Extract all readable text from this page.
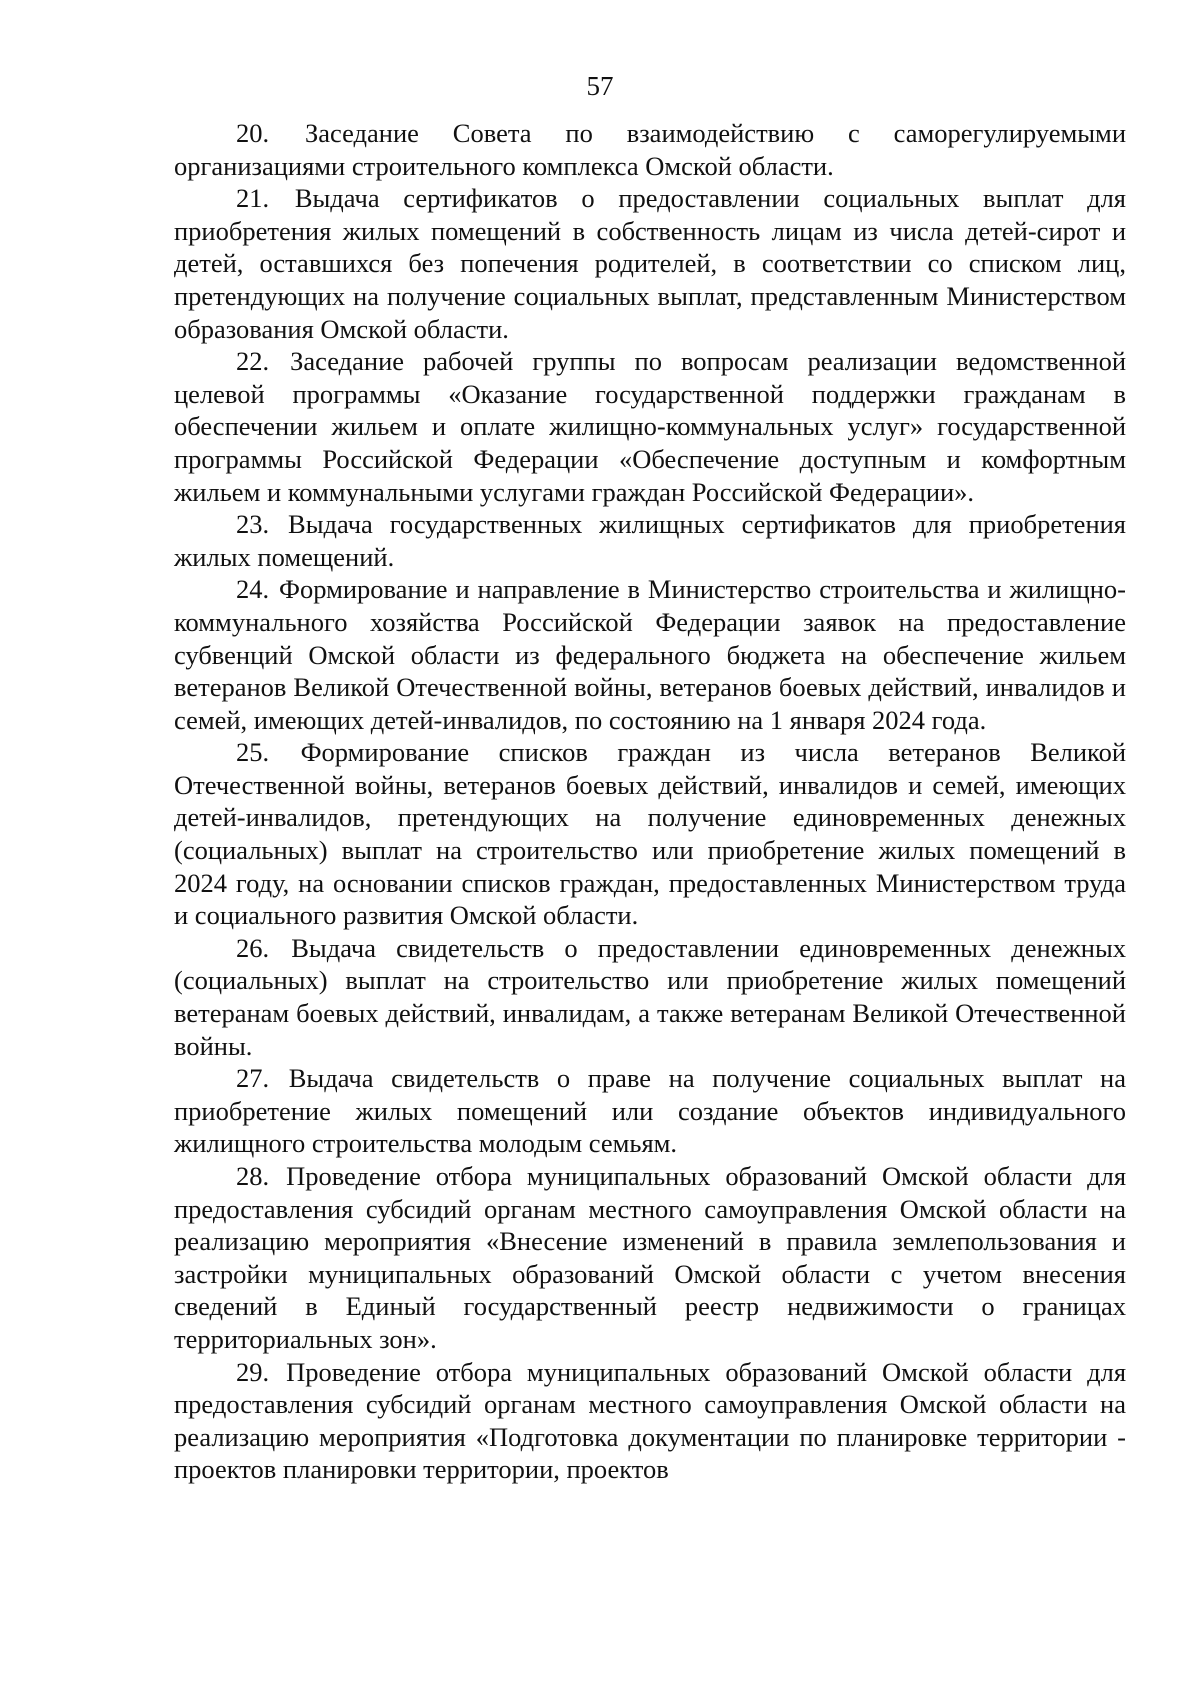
57

20. Заседание Совета по взаимодействию с саморегулируемыми организациями строительного комплекса Омской области.

21. Выдача сертификатов о предоставлении социальных выплат для приобретения жилых помещений в собственность лицам из числа детей-сирот и детей, оставшихся без попечения родителей, в соответствии со списком лиц, претендующих на получение социальных выплат, представленным Министерством образования Омской области.

22. Заседание рабочей группы по вопросам реализации ведомственной целевой программы «Оказание государственной поддержки гражданам в обеспечении жильем и оплате жилищно-коммунальных услуг» государственной программы Российской Федерации «Обеспечение доступным и комфортным жильем и коммунальными услугами граждан Российской Федерации».

23. Выдача государственных жилищных сертификатов для приобретения жилых помещений.

24. Формирование и направление в Министерство строительства и жилищно-коммунального хозяйства Российской Федерации заявок на предоставление субвенций Омской области из федерального бюджета на обеспечение жильем ветеранов Великой Отечественной войны, ветеранов боевых действий, инвалидов и семей, имеющих детей-инвалидов, по состоянию на 1 января 2024 года.

25. Формирование списков граждан из числа ветеранов Великой Отечественной войны, ветеранов боевых действий, инвалидов и семей, имеющих детей-инвалидов, претендующих на получение единовременных денежных (социальных) выплат на строительство или приобретение жилых помещений в 2024 году, на основании списков граждан, предоставленных Министерством труда и социального развития Омской области.

26. Выдача свидетельств о предоставлении единовременных денежных (социальных) выплат на строительство или приобретение жилых помещений ветеранам боевых действий, инвалидам, а также ветеранам Великой Отечественной войны.

27. Выдача свидетельств о праве на получение социальных выплат на приобретение жилых помещений или создание объектов индивидуального жилищного строительства молодым семьям.

28. Проведение отбора муниципальных образований Омской области для предоставления субсидий органам местного самоуправления Омской области на реализацию мероприятия «Внесение изменений в правила землепользования и застройки муниципальных образований Омской области с учетом внесения сведений в Единый государственный реестр недвижимости о границах территориальных зон».

29. Проведение отбора муниципальных образований Омской области для предоставления субсидий органам местного самоуправления Омской области на реализацию мероприятия «Подготовка документации по планировке территории - проектов планировки территории, проектов
